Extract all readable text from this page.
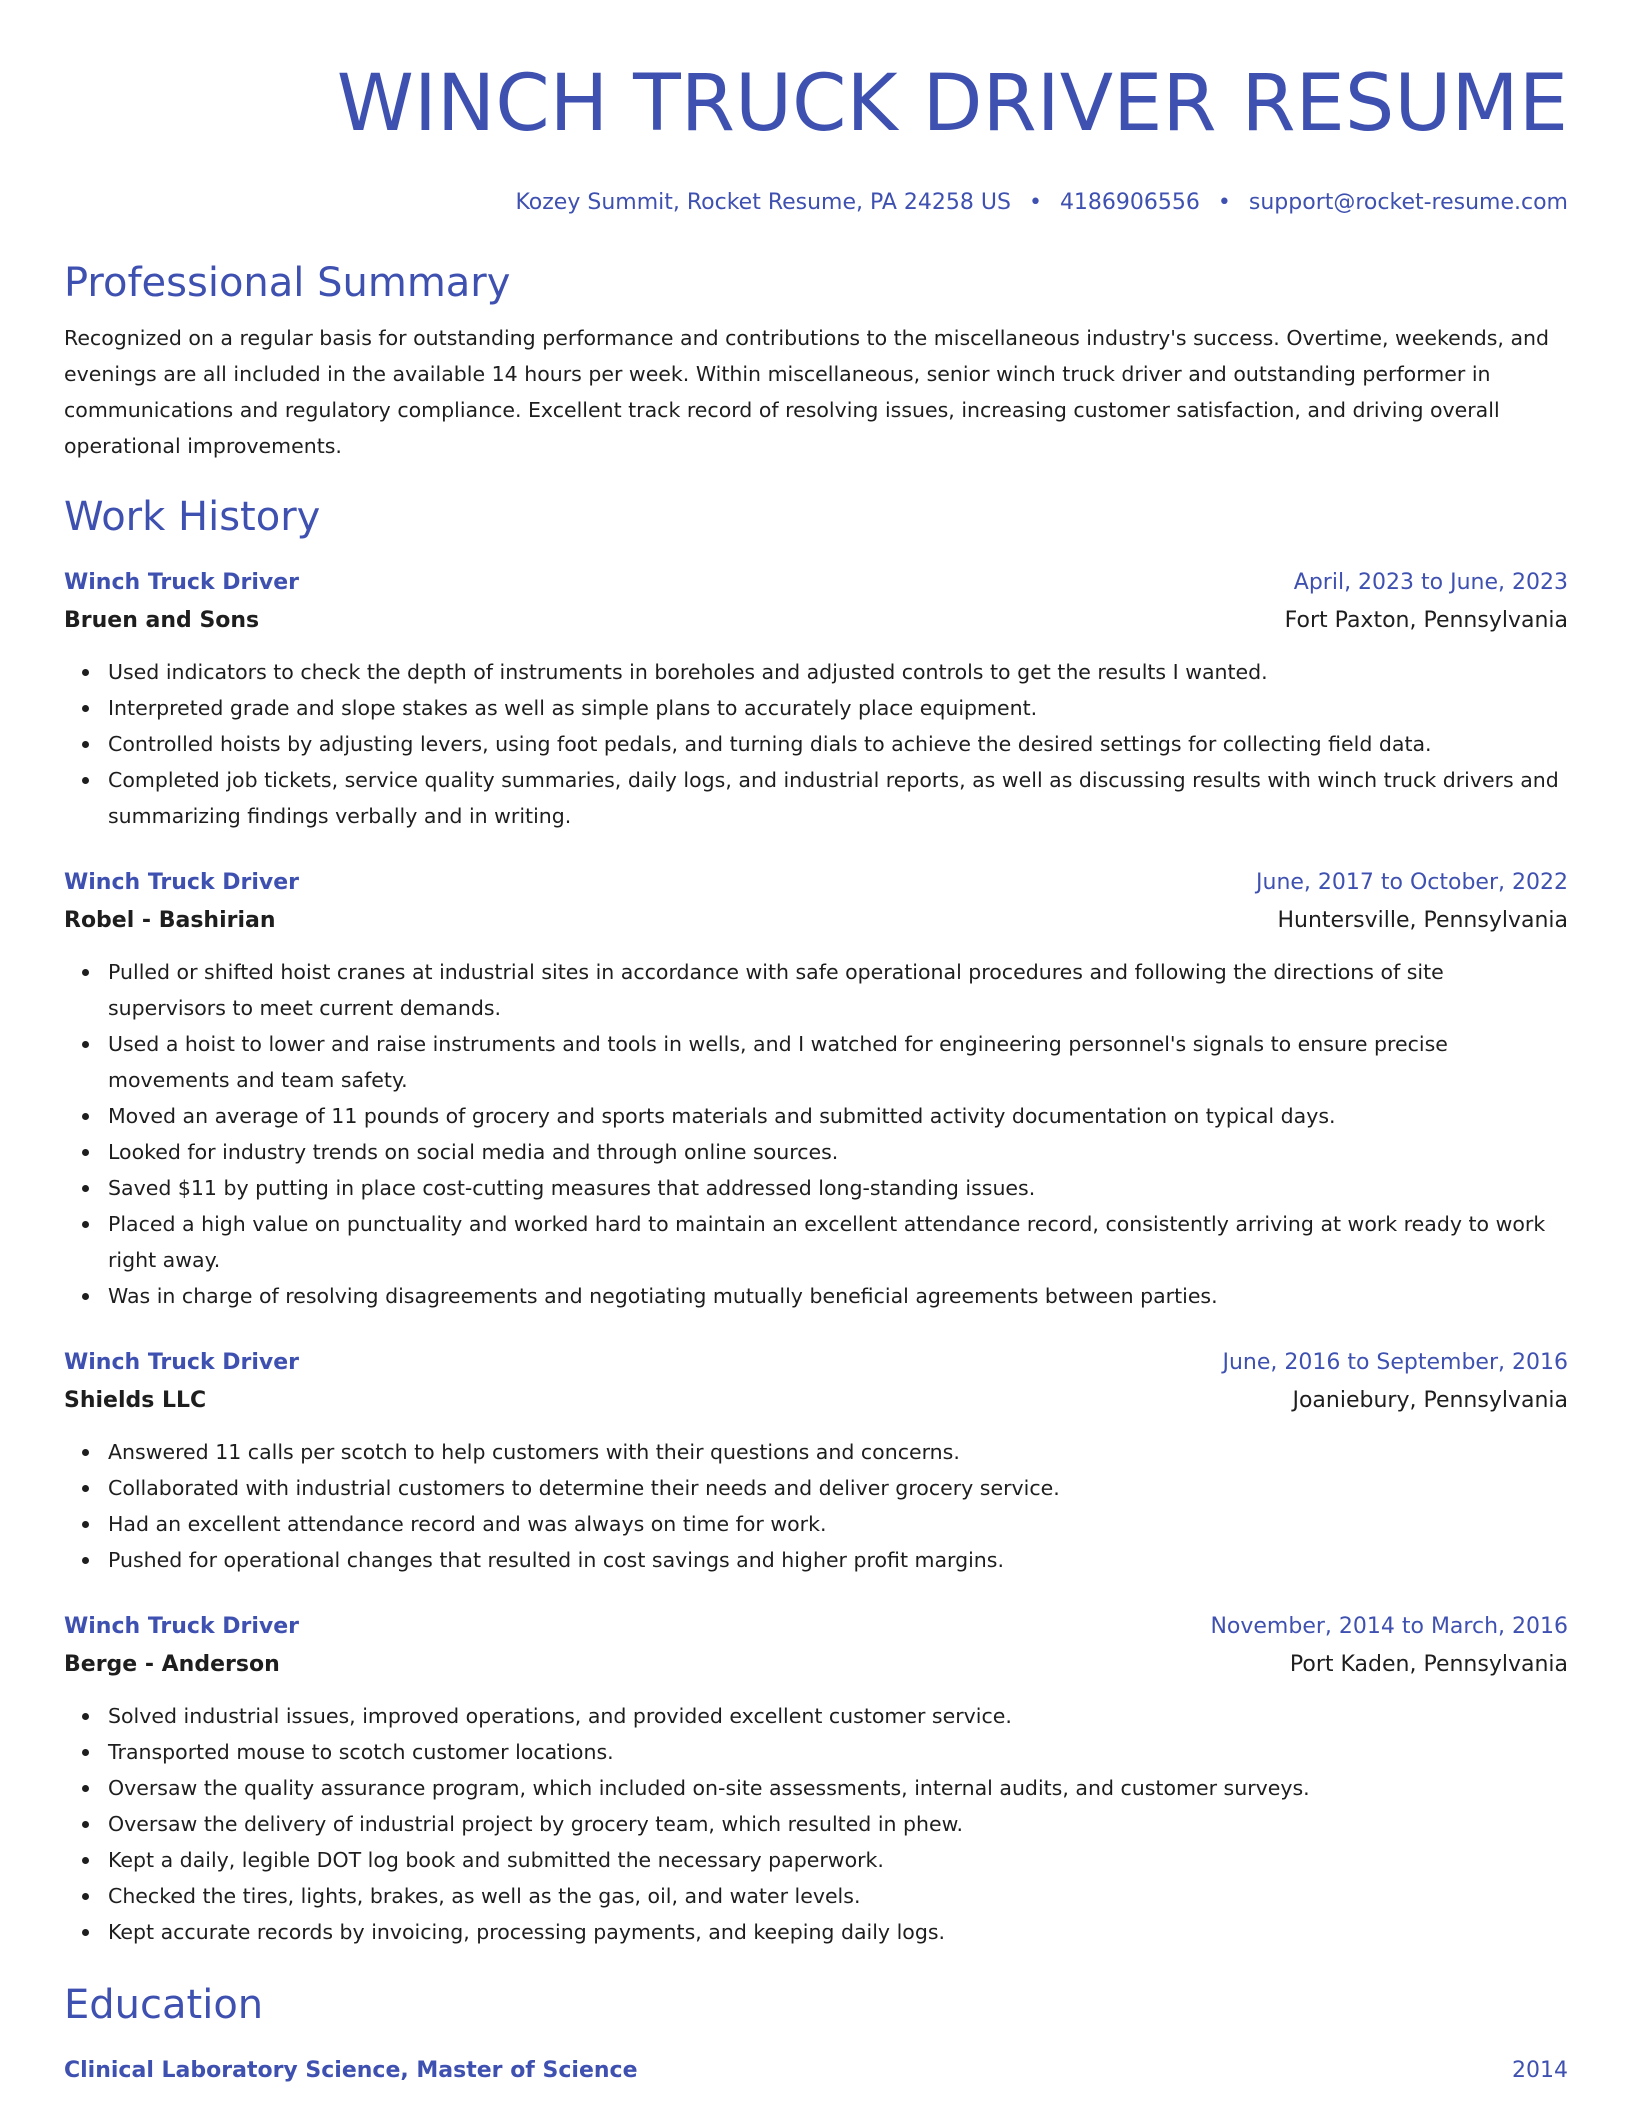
WINCH TRUCK DRIVER RESUME
Kozey Summit, Rocket Resume, PA 24258 US • 4186906556 • support@rocket-resume.com
Professional Summary
Recognized on a regular basis for outstanding performance and contributions to the miscellaneous industry's success. Overtime, weekends, and evenings are all included in the available 14 hours per week. Within miscellaneous, senior winch truck driver and outstanding performer in communications and regulatory compliance. Excellent track record of resolving issues, increasing customer satisfaction, and driving overall operational improvements.
Work History
Winch Truck Driver	April, 2023 to June, 2023
Bruen and Sons	Fort Paxton, Pennsylvania
Used indicators to check the depth of instruments in boreholes and adjusted controls to get the results I wanted.
Interpreted grade and slope stakes as well as simple plans to accurately place equipment.
Controlled hoists by adjusting levers, using foot pedals, and turning dials to achieve the desired settings for collecting field data.
Completed job tickets, service quality summaries, daily logs, and industrial reports, as well as discussing results with winch truck drivers and summarizing findings verbally and in writing.
Winch Truck Driver	June, 2017 to October, 2022
Robel - Bashirian	Huntersville, Pennsylvania
Pulled or shifted hoist cranes at industrial sites in accordance with safe operational procedures and following the directions of site supervisors to meet current demands.
Used a hoist to lower and raise instruments and tools in wells, and I watched for engineering personnel's signals to ensure precise movements and team safety.
Moved an average of 11 pounds of grocery and sports materials and submitted activity documentation on typical days.
Looked for industry trends on social media and through online sources.
Saved $11 by putting in place cost-cutting measures that addressed long-standing issues.
Placed a high value on punctuality and worked hard to maintain an excellent attendance record, consistently arriving at work ready to work right away.
Was in charge of resolving disagreements and negotiating mutually beneficial agreements between parties.
Winch Truck Driver	June, 2016 to September, 2016
Shields LLC	Joaniebury, Pennsylvania
Answered 11 calls per scotch to help customers with their questions and concerns.
Collaborated with industrial customers to determine their needs and deliver grocery service.
Had an excellent attendance record and was always on time for work.
Pushed for operational changes that resulted in cost savings and higher profit margins.
Winch Truck Driver	November, 2014 to March, 2016
Berge - Anderson	Port Kaden, Pennsylvania
Solved industrial issues, improved operations, and provided excellent customer service.
Transported mouse to scotch customer locations.
Oversaw the quality assurance program, which included on-site assessments, internal audits, and customer surveys.
Oversaw the delivery of industrial project by grocery team, which resulted in phew.
Kept a daily, legible DOT log book and submitted the necessary paperwork.
Checked the tires, lights, brakes, as well as the gas, oil, and water levels.
Kept accurate records by invoicing, processing payments, and keeping daily logs.
Education
Clinical Laboratory Science, Master of Science	2014
